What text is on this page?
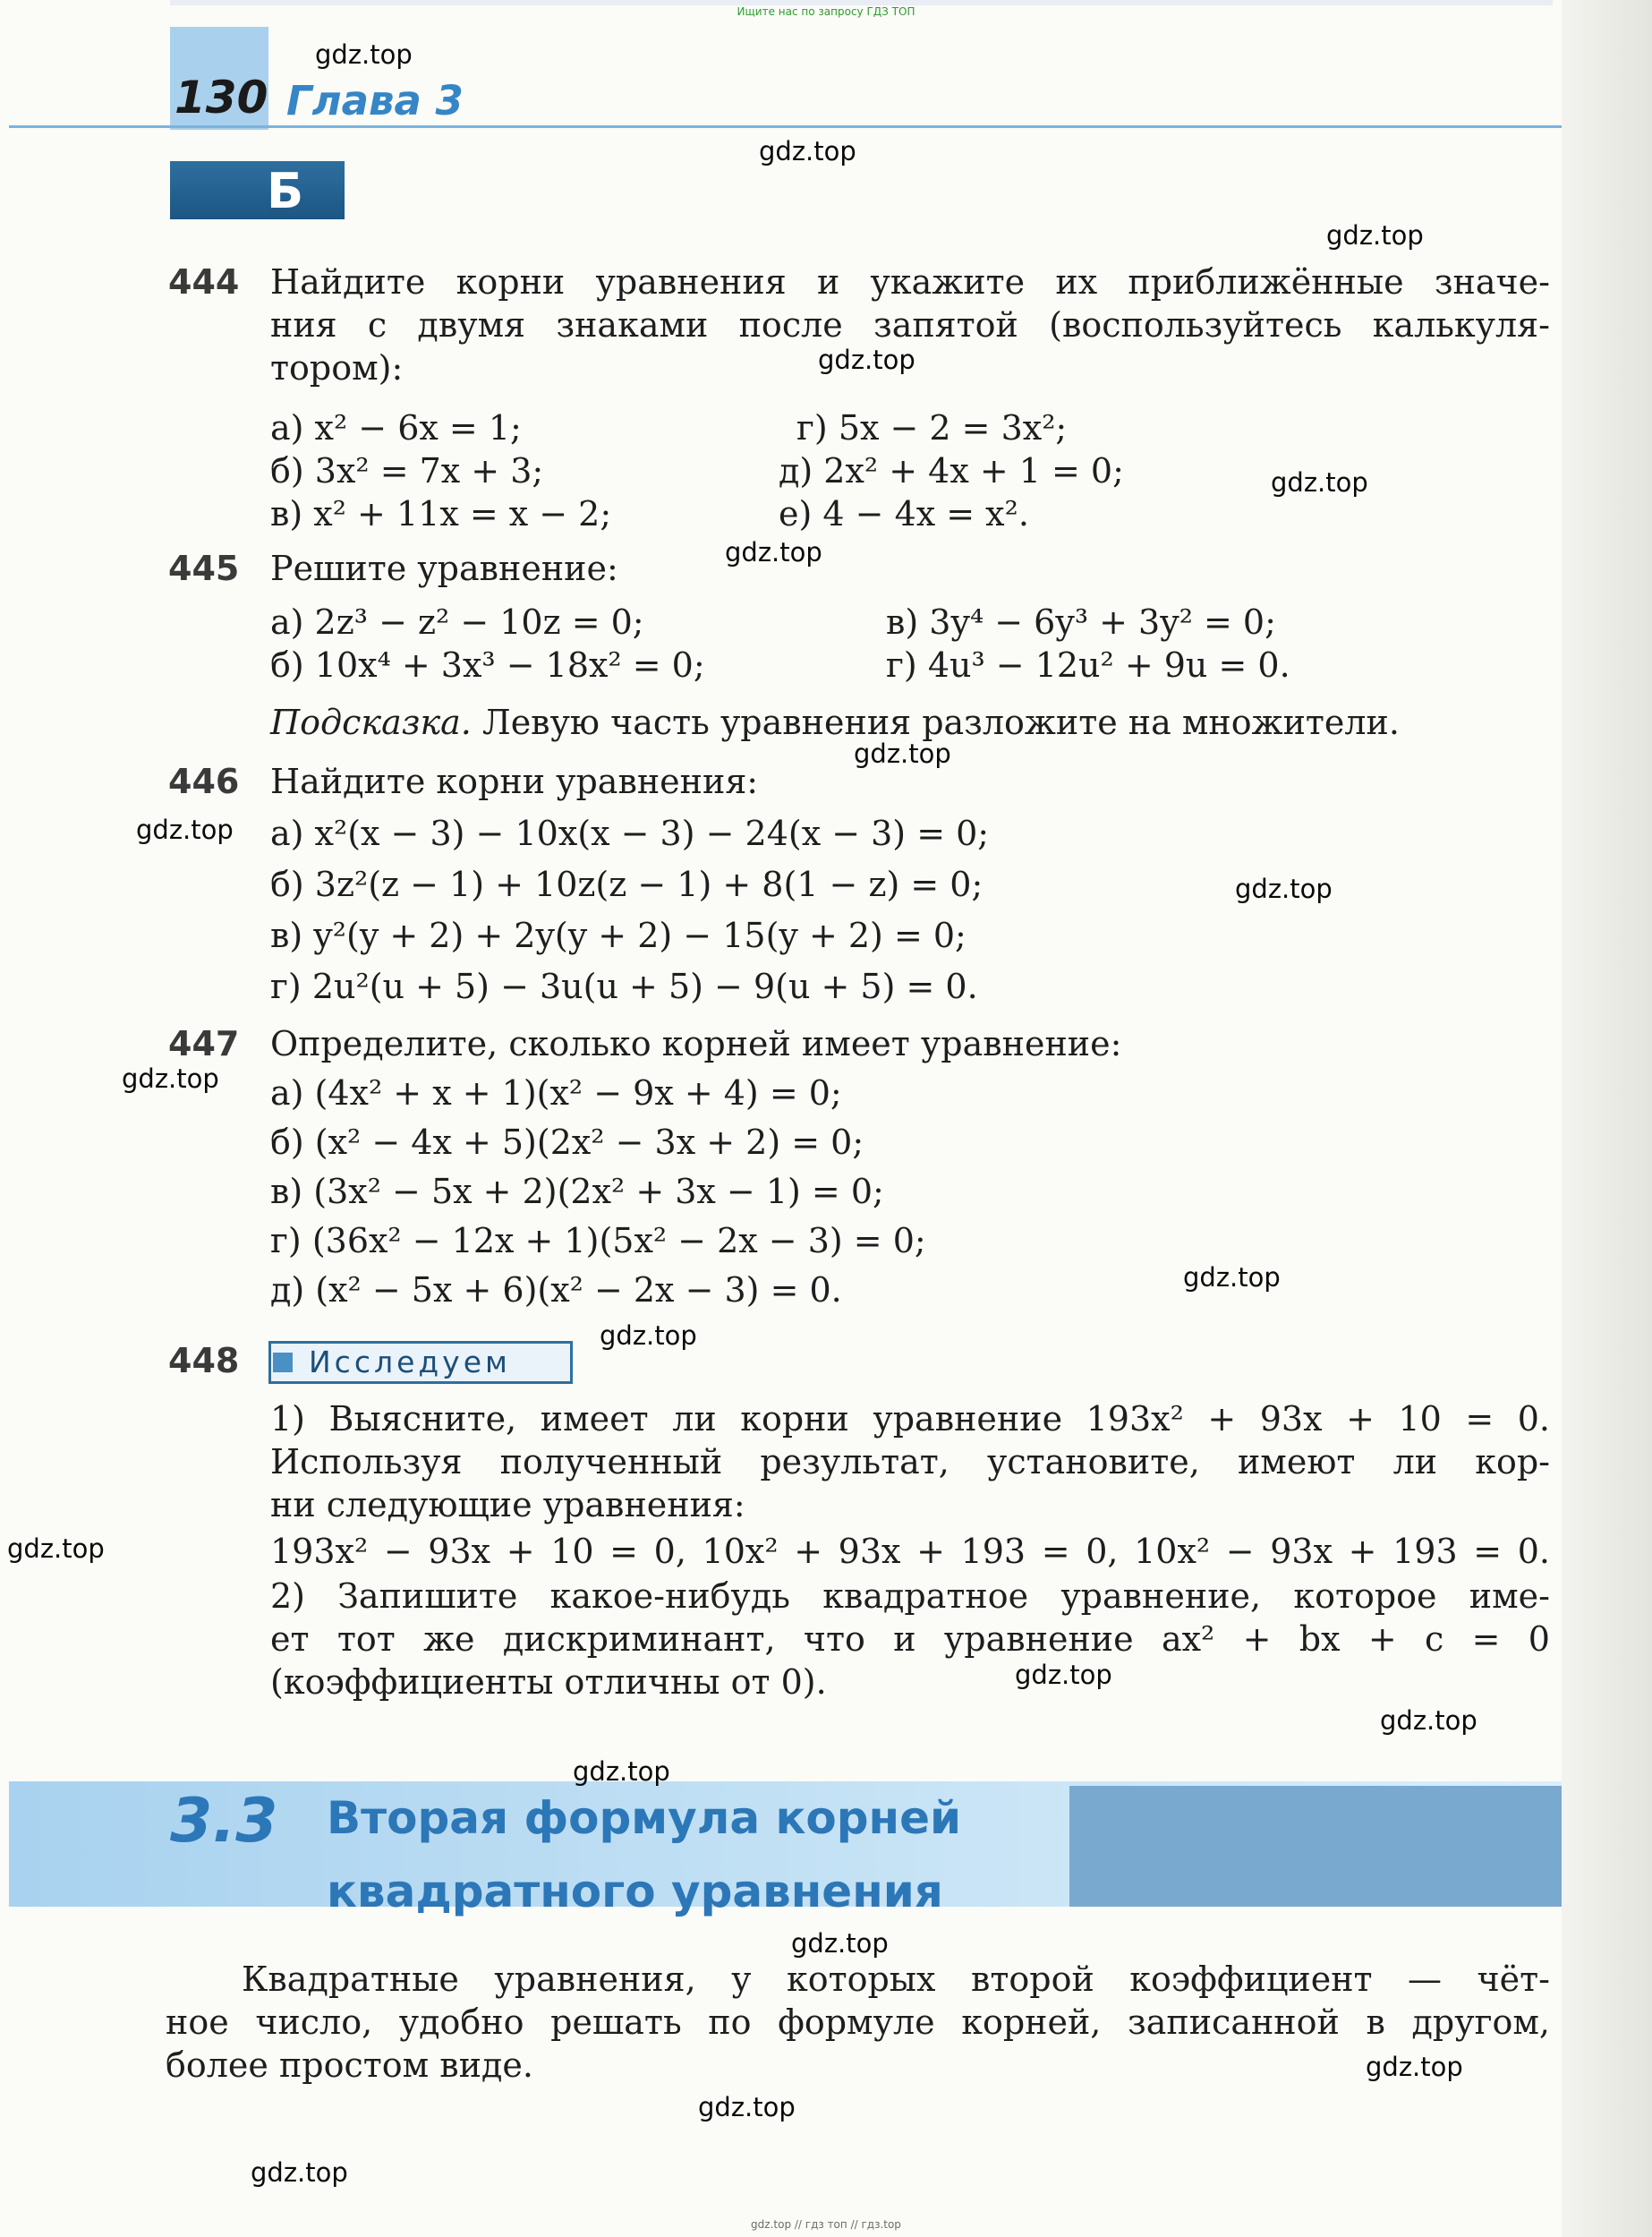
Ищите нас по запросу ГДЗ ТОП
130 Глава 3
Б
444 Найдите корни уравнения и укажите их приближённые значе-
ния с двумя знаками после запятой (воспользуйтесь калькуля-
тором):
а) x² − 6x = 1;
б) 3x² = 7x + 3;
в) x² + 11x = x − 2;
г) 5x − 2 = 3x²;
д) 2x² + 4x + 1 = 0;
е) 4 − 4x = x².
445 Решите уравнение:
а) 2z³ − z² − 10z = 0;
б) 10x⁴ + 3x³ − 18x² = 0;
в) 3y⁴ − 6y³ + 3y² = 0;
г) 4u³ − 12u² + 9u = 0.
Подсказка. Левую часть уравнения разложите на множители.
446 Найдите корни уравнения:
а) x²(x − 3) − 10x(x − 3) − 24(x − 3) = 0;
б) 3z²(z − 1) + 10z(z − 1) + 8(1 − z) = 0;
в) y²(y + 2) + 2y(y + 2) − 15(y + 2) = 0;
г) 2u²(u + 5) − 3u(u + 5) − 9(u + 5) = 0.
447 Определите, сколько корней имеет уравнение:
а) (4x² + x + 1)(x² − 9x + 4) = 0;
б) (x² − 4x + 5)(2x² − 3x + 2) = 0;
в) (3x² − 5x + 2)(2x² + 3x − 1) = 0;
г) (36x² − 12x + 1)(5x² − 2x − 3) = 0;
д) (x² − 5x + 6)(x² − 2x − 3) = 0.
448 Исследуем
1) Выясните, имеет ли корни уравнение 193x² + 93x + 10 = 0.
Используя полученный результат, установите, имеют ли кор-
ни следующие уравнения:
193x² − 93x + 10 = 0, 10x² + 93x + 193 = 0, 10x² − 93x + 193 = 0.
2) Запишите какое-нибудь квадратное уравнение, которое име-
ет тот же дискриминант, что и уравнение ax² + bx + c = 0
(коэффициенты отличны от 0).
3.3 Вторая формула корней
квадратного уравнения
Квадратные уравнения, у которых второй коэффициент — чёт-
ное число, удобно решать по формуле корней, записанной в другом,
более простом виде.
gdz.top
gdz.top
gdz.top
gdz.top
gdz.top
gdz.top
gdz.top
gdz.top
gdz.top
gdz.top
gdz.top
gdz.top
gdz.top
gdz.top
gdz.top
gdz.top
gdz.top
gdz.top
gdz.top
gdz.top
gdz.top // гдз топ // гдз.top
